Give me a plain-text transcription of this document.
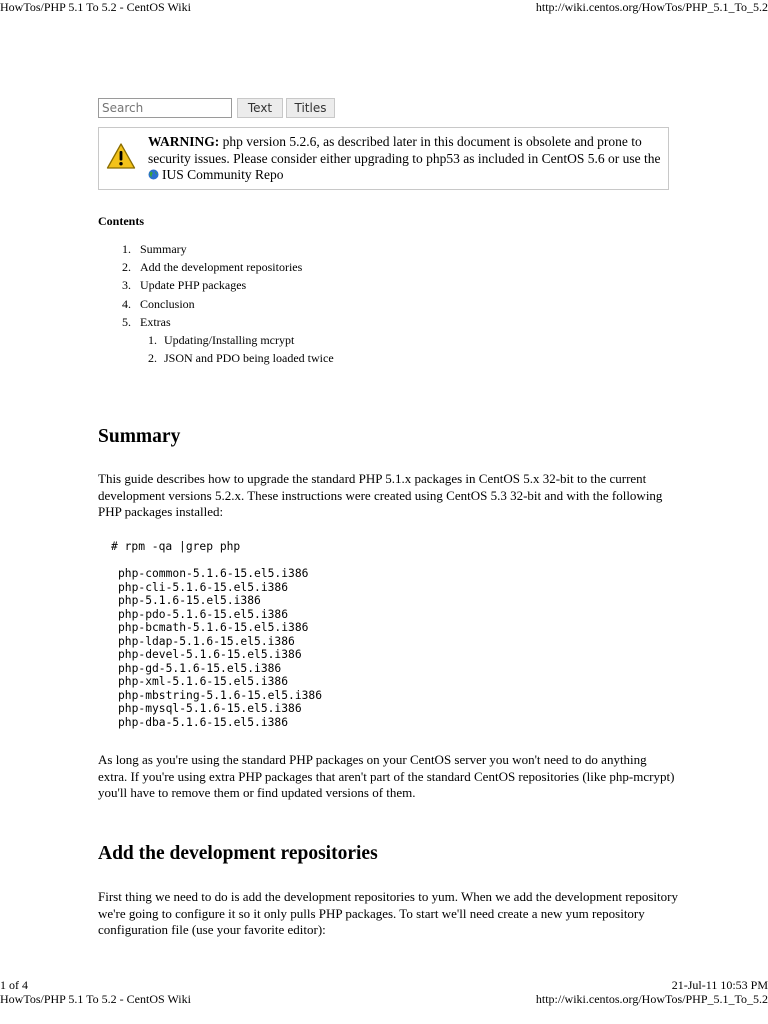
HowTos/PHP 5.1 To 5.2 - CentOS Wiki	http://wiki.centos.org/HowTos/PHP_5.1_To_5.2
Search
Text	Titles
WARNING: php version 5.2.6, as described later in this document is obsolete and prone to security issues. Please consider either upgrading to php53 as included in CentOS 5.6 or use the IUS Community Repo
Contents
1. Summary
2. Add the development repositories
3. Update PHP packages
4. Conclusion
5. Extras
1. Updating/Installing mcrypt
2. JSON and PDO being loaded twice
Summary
This guide describes how to upgrade the standard PHP 5.1.x packages in CentOS 5.x 32-bit to the current development versions 5.2.x. These instructions were created using CentOS 5.3 32-bit and with the following PHP packages installed:
# rpm -qa |grep php
php-common-5.1.6-15.el5.i386
php-cli-5.1.6-15.el5.i386
php-5.1.6-15.el5.i386
php-pdo-5.1.6-15.el5.i386
php-bcmath-5.1.6-15.el5.i386
php-ldap-5.1.6-15.el5.i386
php-devel-5.1.6-15.el5.i386
php-gd-5.1.6-15.el5.i386
php-xml-5.1.6-15.el5.i386
php-mbstring-5.1.6-15.el5.i386
php-mysql-5.1.6-15.el5.i386
php-dba-5.1.6-15.el5.i386
As long as you're using the standard PHP packages on your CentOS server you won't need to do anything extra. If you're using extra PHP packages that aren't part of the standard CentOS repositories (like php-mcrypt) you'll have to remove them or find updated versions of them.
Add the development repositories
First thing we need to do is add the development repositories to yum. When we add the development repository we're going to configure it so it only pulls PHP packages. To start we'll need create a new yum repository configuration file (use your favorite editor):
1 of 4	21-Jul-11 10:53 PM
HowTos/PHP 5.1 To 5.2 - CentOS Wiki	http://wiki.centos.org/HowTos/PHP_5.1_To_5.2
